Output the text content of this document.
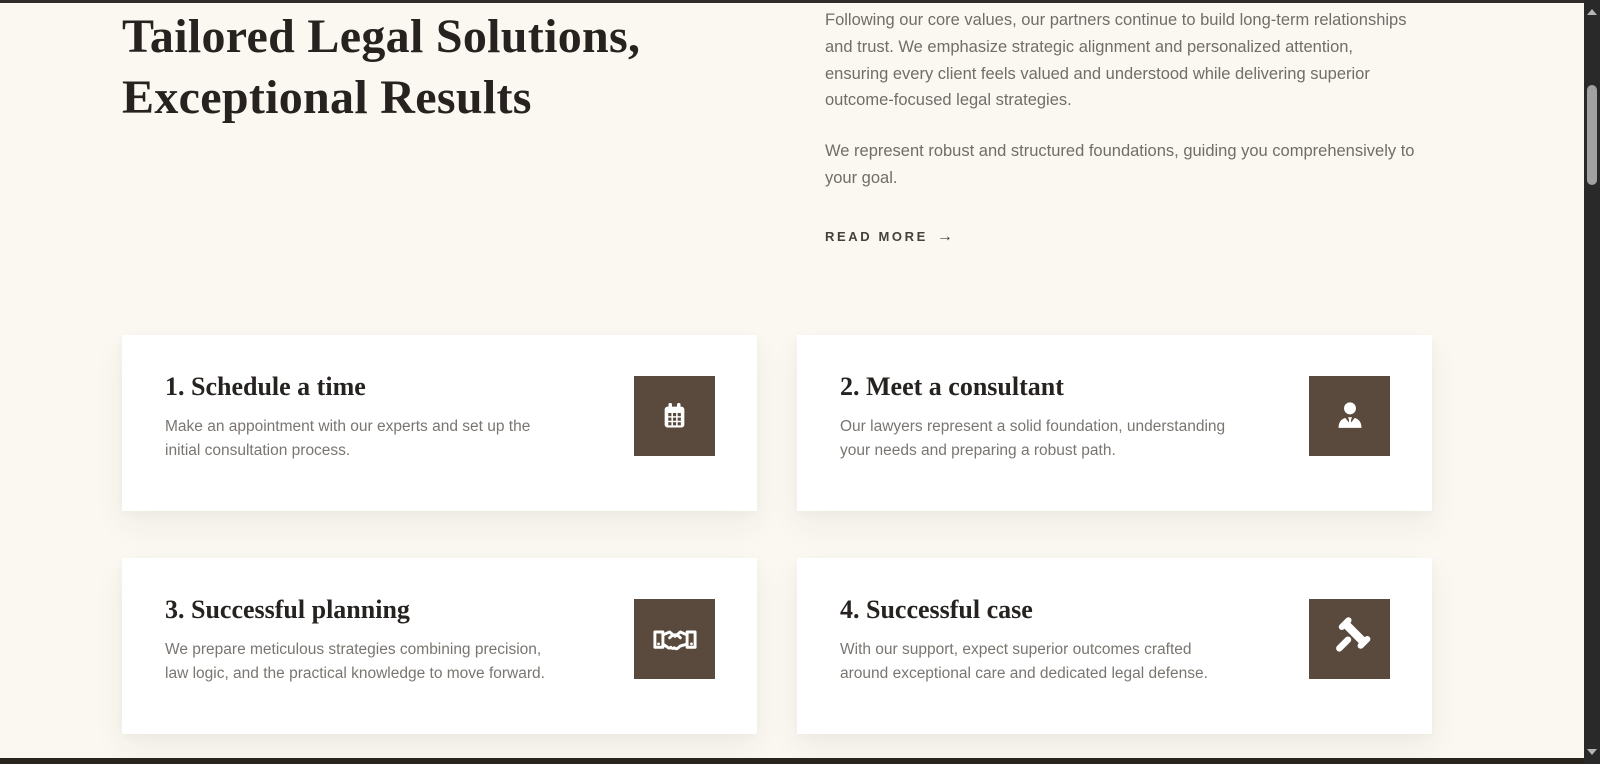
Tailored Legal Solutions,
Exceptional Results

Following our core values, our partners continue to build long-term relationships and trust. We emphasize strategic alignment and personalized attention, ensuring every client feels valued and understood while delivering superior outcome-focused legal strategies.

We represent robust and structured foundations, guiding you comprehensively to your goal.

READ MORE →
1. Schedule a time

Make an appointment with our experts and set up the initial consultation process.

2. Meet a consultant

Our lawyers represent a solid foundation, understanding your needs and preparing a robust path.

3. Successful planning

We prepare meticulous strategies combining precision, law logic, and the practical knowledge to move forward.

4. Successful case

With our support, expect superior outcomes crafted around exceptional care and dedicated legal defense.
